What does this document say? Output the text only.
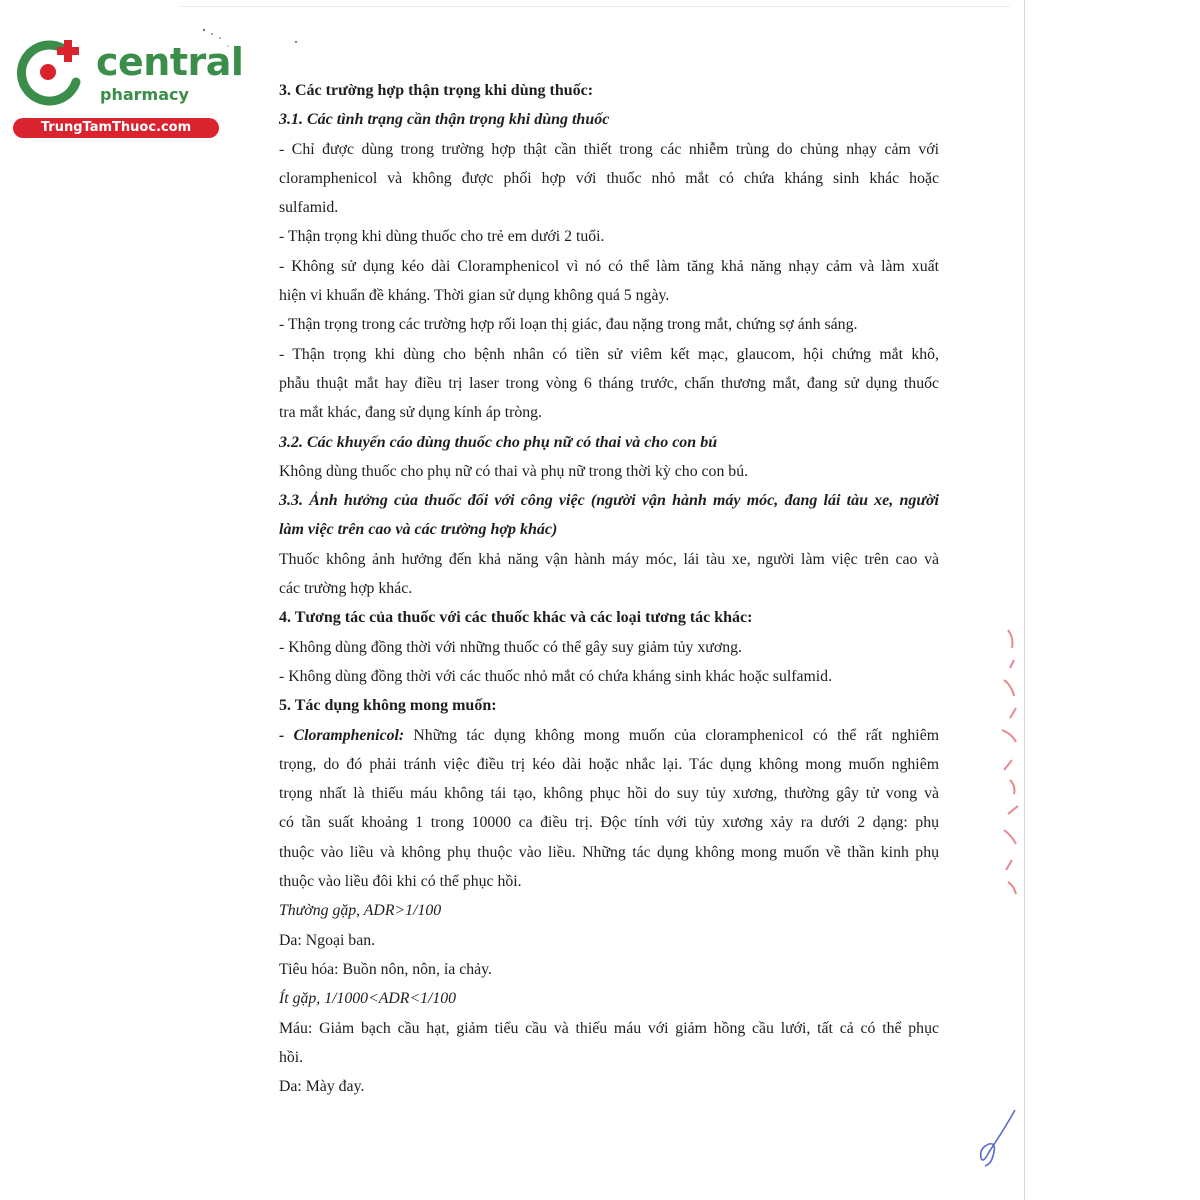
central
pharmacy
TrungTamThuoc.com

3. Các trường hợp thận trọng khi dùng thuốc:

3.1. Các tình trạng cần thận trọng khi dùng thuốc

- Chỉ được dùng trong trường hợp thật cần thiết trong các nhiễm trùng do chủng nhạy cảm với

cloramphenicol và không được phối hợp với thuốc nhỏ mắt có chứa kháng sinh khác hoặc

sulfamid.

- Thận trọng khi dùng thuốc cho trẻ em dưới 2 tuổi.

- Không sử dụng kéo dài Cloramphenicol vì nó có thể làm tăng khả năng nhạy cảm và làm xuất

hiện vi khuẩn đề kháng. Thời gian sử dụng không quá 5 ngày.

- Thận trọng trong các trường hợp rối loạn thị giác, đau nặng trong mắt, chứng sợ ánh sáng.

- Thận trọng khi dùng cho bệnh nhân có tiền sử viêm kết mạc, glaucom, hội chứng mắt khô,

phẫu thuật mắt hay điều trị laser trong vòng 6 tháng trước, chấn thương mắt, đang sử dụng thuốc

tra mắt khác, đang sử dụng kính áp tròng.

3.2. Các khuyến cáo dùng thuốc cho phụ nữ có thai và cho con bú

Không dùng thuốc cho phụ nữ có thai và phụ nữ trong thời kỳ cho con bú.

3.3. Ảnh hưởng của thuốc đối với công việc (người vận hành máy móc, đang lái tàu xe, người

làm việc trên cao và các trường hợp khác)

Thuốc không ảnh hưởng đến khả năng vận hành máy móc, lái tàu xe, người làm việc trên cao và

các trường hợp khác.

4. Tương tác của thuốc với các thuốc khác và các loại tương tác khác:

- Không dùng đồng thời với những thuốc có thể gây suy giảm tủy xương.

- Không dùng đồng thời với các thuốc nhỏ mắt có chứa kháng sinh khác hoặc sulfamid.

5. Tác dụng không mong muốn:

- Cloramphenicol: Những tác dụng không mong muốn của cloramphenicol có thể rất nghiêm

trọng, do đó phải tránh việc điều trị kéo dài hoặc nhắc lại. Tác dụng không mong muốn nghiêm

trọng nhất là thiếu máu không tái tạo, không phục hồi do suy tủy xương, thường gây tử vong và

có tần suất khoảng 1 trong 10000 ca điều trị. Độc tính với tủy xương xảy ra dưới 2 dạng: phụ

thuộc vào liều và không phụ thuộc vào liều. Những tác dụng không mong muốn về thần kinh phụ

thuộc vào liều đôi khi có thể phục hồi.

Thường gặp, ADR>1/100

Da: Ngoại ban.

Tiêu hóa: Buồn nôn, nôn, ỉa chảy.

Ít gặp, 1/1000<ADR<1/100

Máu: Giảm bạch cầu hạt, giảm tiểu cầu và thiếu máu với giảm hồng cầu lưới, tất cả có thể phục

hồi.

Da: Mày đay.
